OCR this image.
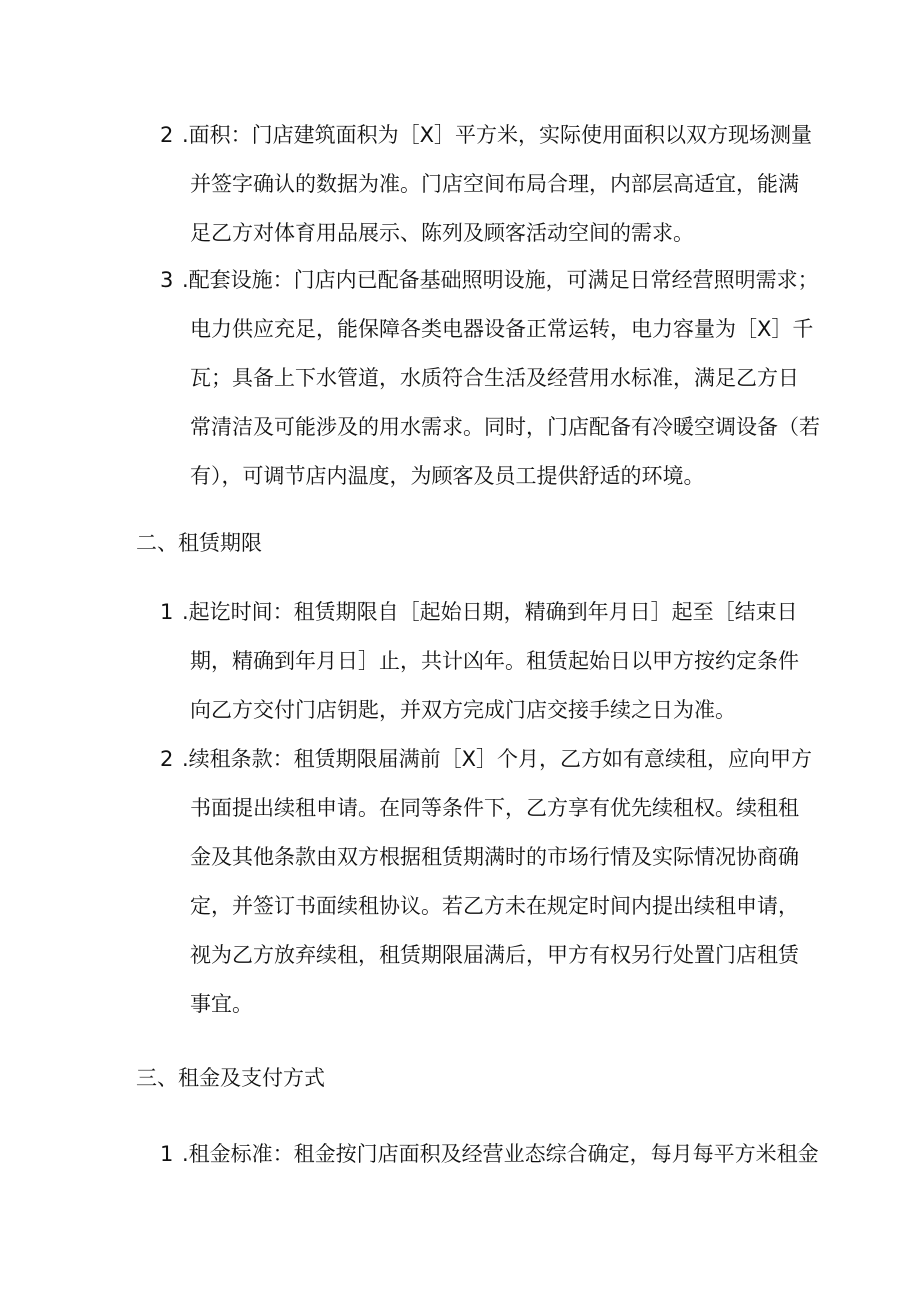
2 .面积：门店建筑面积为［X］平方米，实际使用面积以双方现场测量
并签字确认的数据为准。门店空间布局合理，内部层高适宜，能满
足乙方对体育用品展示、陈列及顾客活动空间的需求。
3 .配套设施：门店内已配备基础照明设施，可满足日常经营照明需求；
电力供应充足，能保障各类电器设备正常运转，电力容量为［X］千
瓦；具备上下水管道，水质符合生活及经营用水标准，满足乙方日
常清洁及可能涉及的用水需求。同时，门店配备有冷暖空调设备（若
有），可调节店内温度，为顾客及员工提供舒适的环境。
二、租赁期限
1 .起讫时间：租赁期限自［起始日期，精确到年月日］起至［结束日
期，精确到年月日］止，共计凶年。租赁起始日以甲方按约定条件
向乙方交付门店钥匙，并双方完成门店交接手续之日为准。
2 .续租条款：租赁期限届满前［X］个月，乙方如有意续租，应向甲方
书面提出续租申请。在同等条件下，乙方享有优先续租权。续租租
金及其他条款由双方根据租赁期满时的市场行情及实际情况协商确
定，并签订书面续租协议。若乙方未在规定时间内提出续租申请，
视为乙方放弃续租，租赁期限届满后，甲方有权另行处置门店租赁
事宜。
三、租金及支付方式
1 .租金标准：租金按门店面积及经营业态综合确定，每月每平方米租金
